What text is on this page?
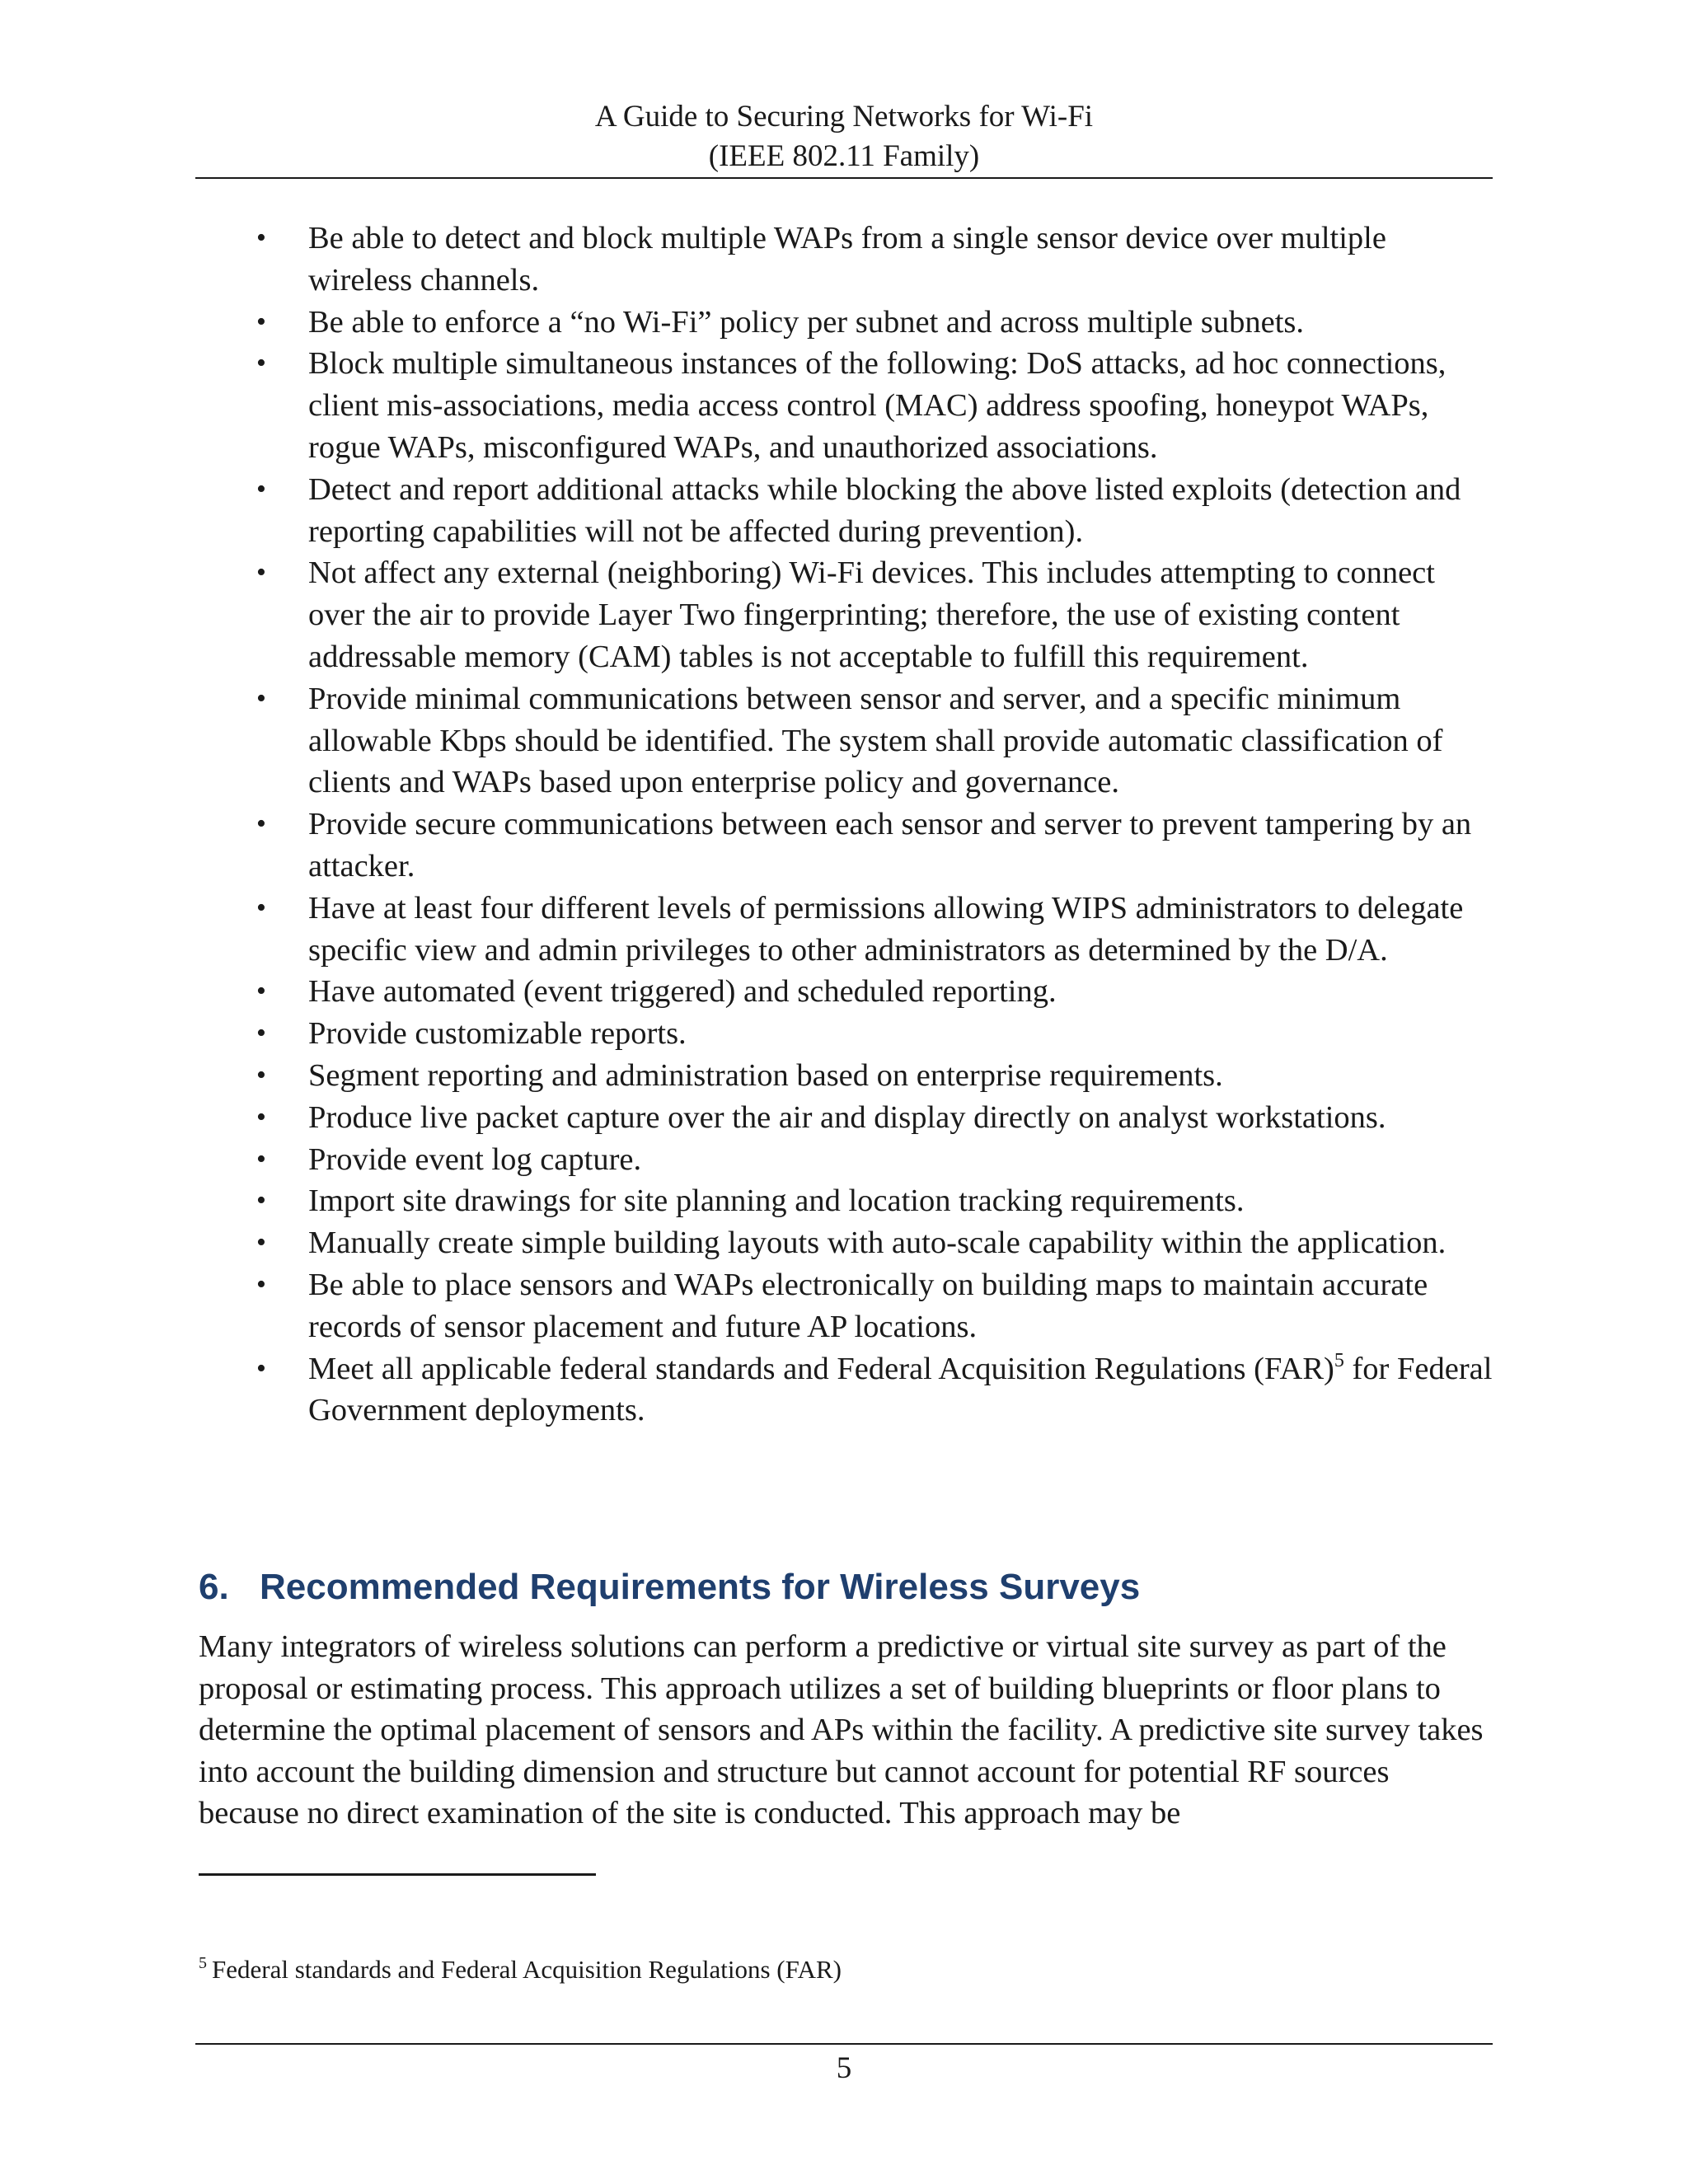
A Guide to Securing Networks for Wi-Fi
(IEEE 802.11 Family)
• Be able to detect and block multiple WAPs from a single sensor device over multiple wireless channels.
• Be able to enforce a “no Wi-Fi” policy per subnet and across multiple subnets.
• Block multiple simultaneous instances of the following: DoS attacks, ad hoc connections, client mis-associations, media access control (MAC) address spoofing, honeypot WAPs, rogue WAPs, misconfigured WAPs, and unauthorized associations.
• Detect and report additional attacks while blocking the above listed exploits (detection and reporting capabilities will not be affected during prevention).
• Not affect any external (neighboring) Wi-Fi devices. This includes attempting to connect over the air to provide Layer Two fingerprinting; therefore, the use of existing content addressable memory (CAM) tables is not acceptable to fulfill this requirement.
• Provide minimal communications between sensor and server, and a specific minimum allowable Kbps should be identified. The system shall provide automatic classification of clients and WAPs based upon enterprise policy and governance.
• Provide secure communications between each sensor and server to prevent tampering by an attacker.
• Have at least four different levels of permissions allowing WIPS administrators to delegate specific view and admin privileges to other administrators as determined by the D/A.
• Have automated (event triggered) and scheduled reporting.
• Provide customizable reports.
• Segment reporting and administration based on enterprise requirements.
• Produce live packet capture over the air and display directly on analyst workstations.
• Provide event log capture.
• Import site drawings for site planning and location tracking requirements.
• Manually create simple building layouts with auto-scale capability within the application.
• Be able to place sensors and WAPs electronically on building maps to maintain accurate records of sensor placement and future AP locations.
• Meet all applicable federal standards and Federal Acquisition Regulations (FAR)$^5$ for Federal Government deployments.
6. Recommended Requirements for Wireless Surveys

Many integrators of wireless solutions can perform a predictive or virtual site survey as part of the proposal or estimating process. This approach utilizes a set of building blueprints or floor plans to determine the optimal placement of sensors and APs within the facility. A predictive site survey takes into account the building dimension and structure but cannot account for potential RF sources because no direct examination of the site is conducted. This approach may be

$^5$ Federal standards and Federal Acquisition Regulations (FAR)

5
